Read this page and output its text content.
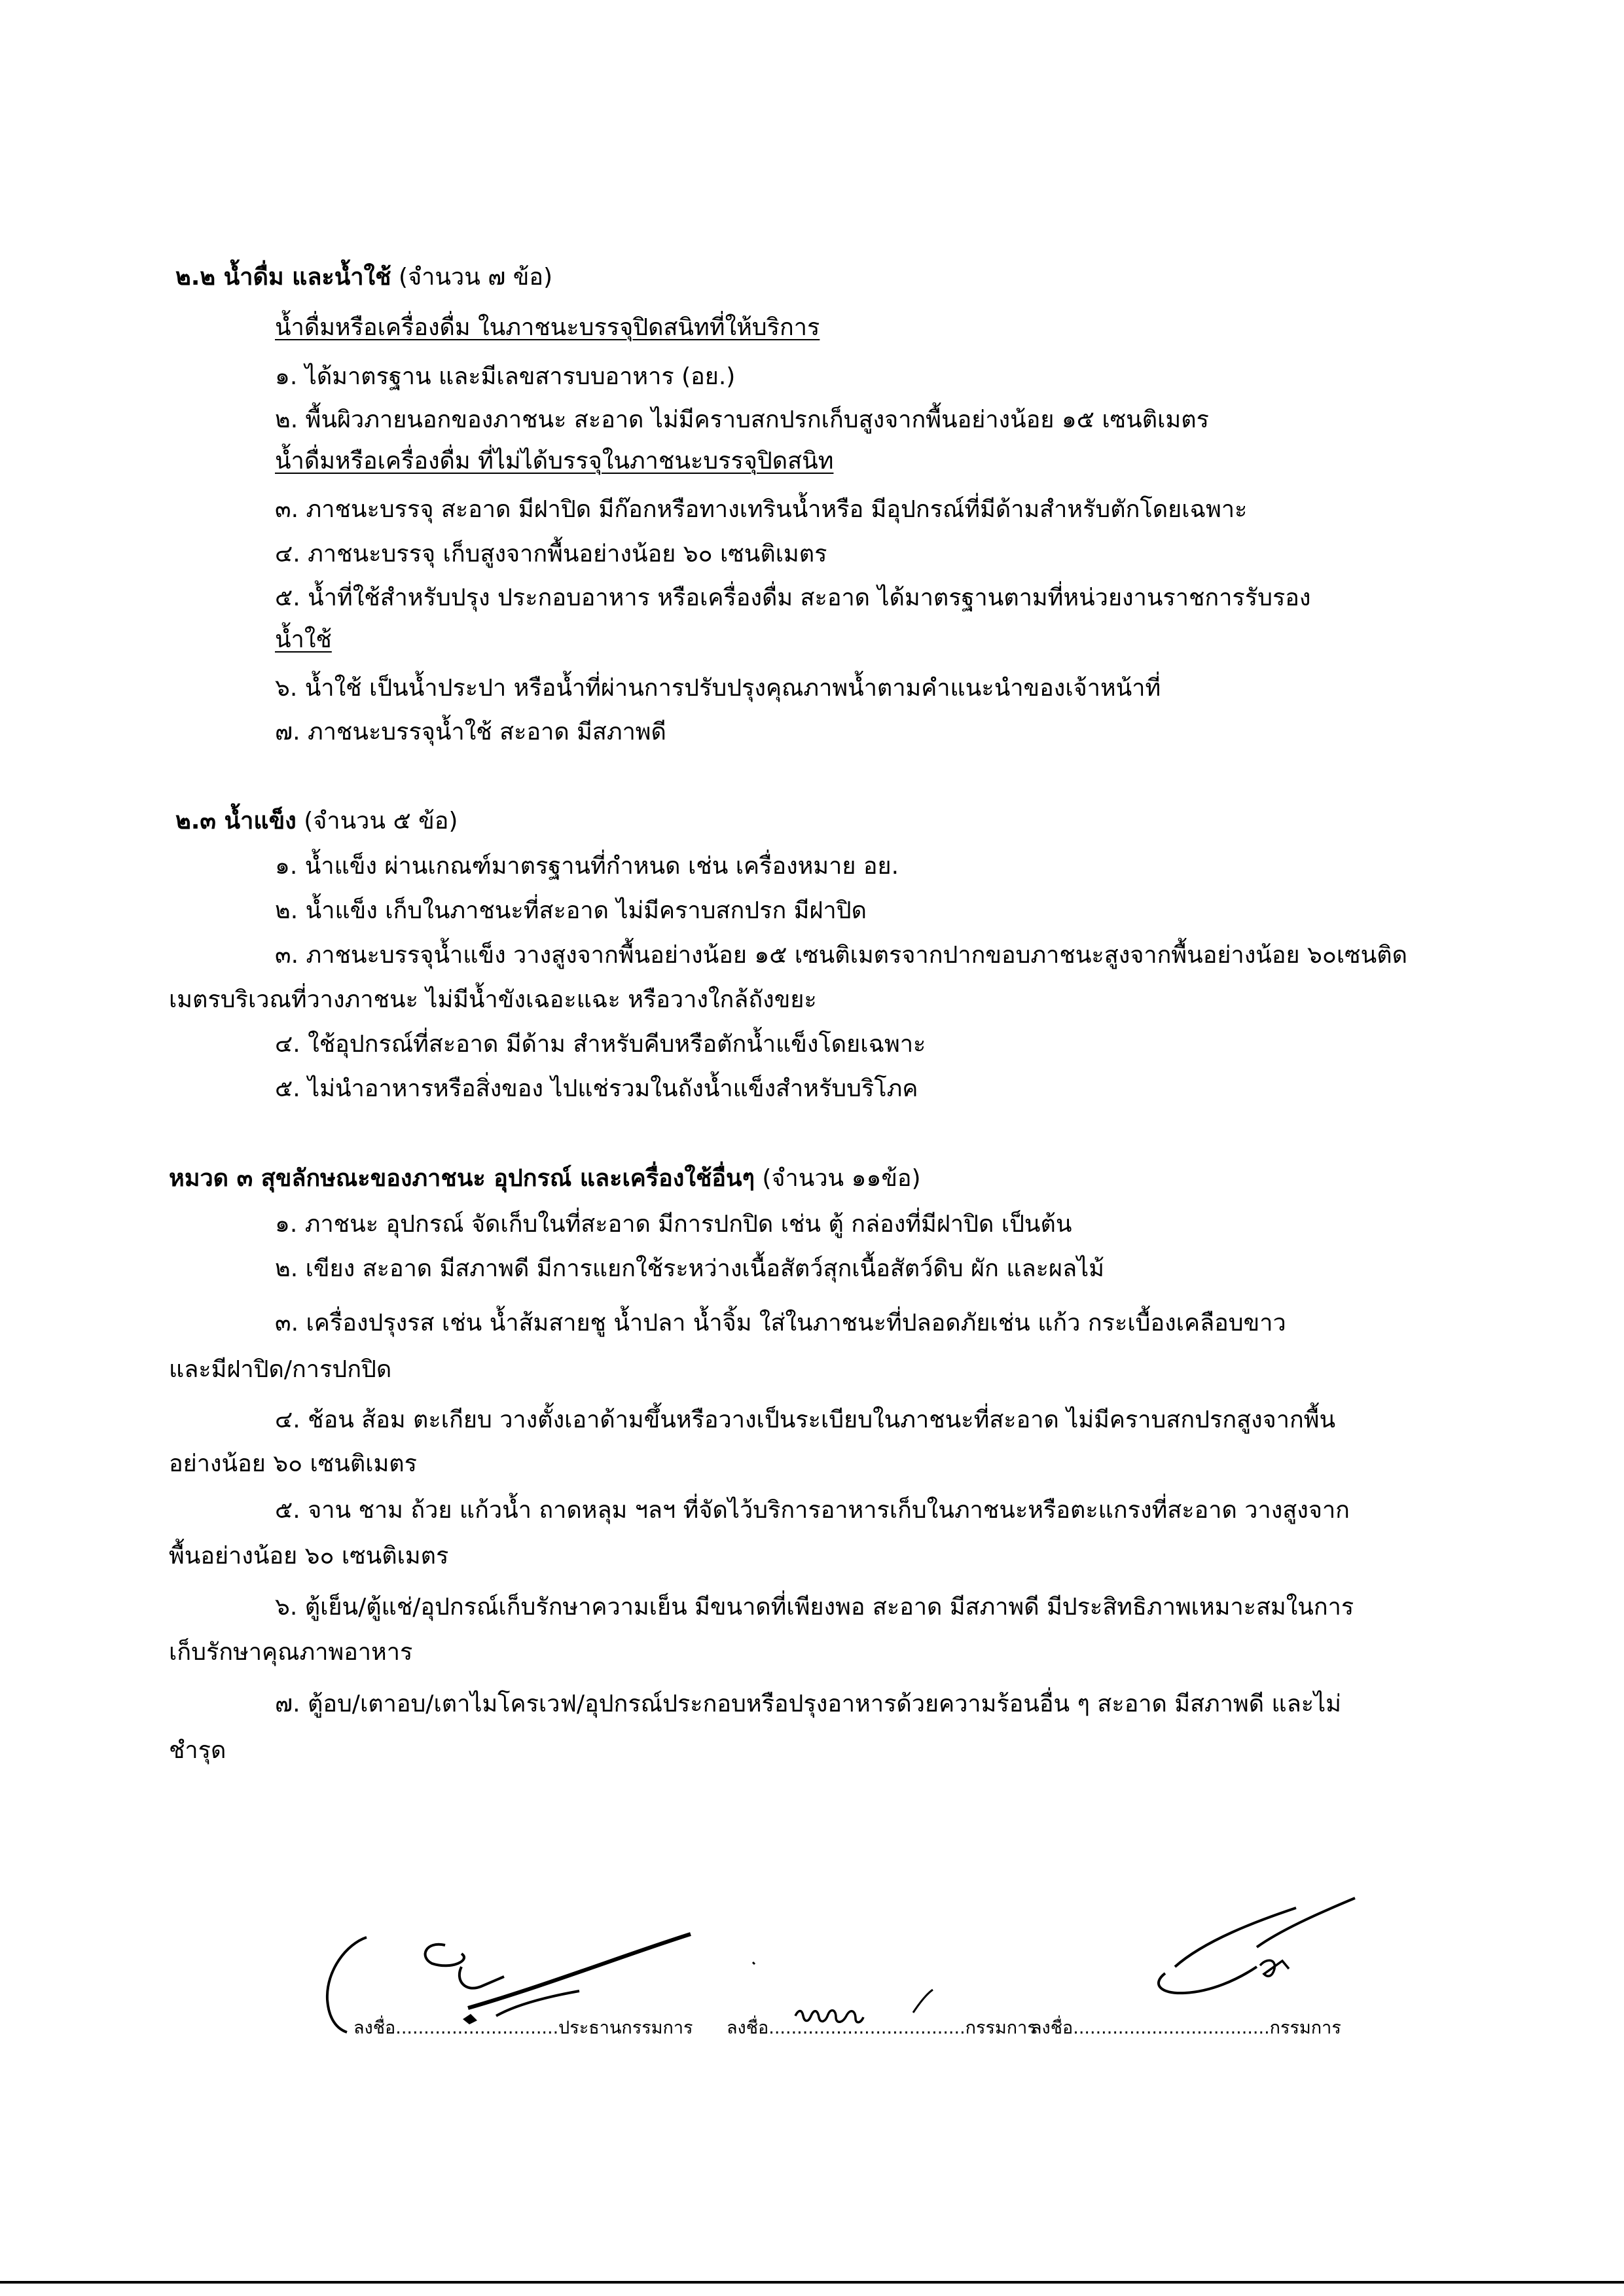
๒.๒ น้ำดื่ม และน้ำใช้ (จำนวน ๗ ข้อ)
น้ำดื่มหรือเครื่องดื่ม ในภาชนะบรรจุปิดสนิทที่ให้บริการ
๑. ได้มาตรฐาน และมีเลขสารบบอาหาร (อย.)
๒. พื้นผิวภายนอกของภาชนะ สะอาด ไม่มีคราบสกปรกเก็บสูงจากพื้นอย่างน้อย ๑๕ เซนติเมตร
น้ำดื่มหรือเครื่องดื่ม ที่ไม่ได้บรรจุในภาชนะบรรจุปิดสนิท
๓. ภาชนะบรรจุ สะอาด มีฝาปิด มีก๊อกหรือทางเทรินน้ำหรือ มีอุปกรณ์ที่มีด้ามสำหรับตักโดยเฉพาะ
๔. ภาชนะบรรจุ เก็บสูงจากพื้นอย่างน้อย ๖๐ เซนติเมตร
๕. น้ำที่ใช้สำหรับปรุง ประกอบอาหาร หรือเครื่องดื่ม สะอาด ได้มาตรฐานตามที่หน่วยงานราชการรับรอง
น้ำใช้
๖. น้ำใช้ เป็นน้ำประปา หรือน้ำที่ผ่านการปรับปรุงคุณภาพน้ำตามคำแนะนำของเจ้าหน้าที่
๗. ภาชนะบรรจุน้ำใช้ สะอาด มีสภาพดี
๒.๓ น้ำแข็ง (จำนวน ๕ ข้อ)
๑. น้ำแข็ง ผ่านเกณฑ์มาตรฐานที่กำหนด เช่น เครื่องหมาย อย.
๒. น้ำแข็ง เก็บในภาชนะที่สะอาด ไม่มีคราบสกปรก มีฝาปิด
๓. ภาชนะบรรจุน้ำแข็ง วางสูงจากพื้นอย่างน้อย ๑๕ เซนติเมตรจากปากขอบภาชนะสูงจากพื้นอย่างน้อย ๖๐เซนติด
เมตรบริเวณที่วางภาชนะ ไม่มีน้ำขังเฉอะแฉะ หรือวางใกล้ถังขยะ
๔. ใช้อุปกรณ์ที่สะอาด มีด้าม สำหรับคีบหรือตักน้ำแข็งโดยเฉพาะ
๕. ไม่นำอาหารหรือสิ่งของ ไปแช่รวมในถังน้ำแข็งสำหรับบริโภค
หมวด ๓ สุขลักษณะของภาชนะ อุปกรณ์ และเครื่องใช้อื่นๆ (จำนวน ๑๑ข้อ)
๑. ภาชนะ อุปกรณ์ จัดเก็บในที่สะอาด มีการปกปิด เช่น ตู้ กล่องที่มีฝาปิด เป็นต้น
๒. เขียง สะอาด มีสภาพดี มีการแยกใช้ระหว่างเนื้อสัตว์สุกเนื้อสัตว์ดิบ ผัก และผลไม้
๓. เครื่องปรุงรส เช่น น้ำส้มสายชู น้ำปลา น้ำจิ้ม ใส่ในภาชนะที่ปลอดภัยเช่น แก้ว กระเบื้องเคลือบขาว
และมีฝาปิด/การปกปิด
๔. ช้อน ส้อม ตะเกียบ วางตั้งเอาด้ามขึ้นหรือวางเป็นระเบียบในภาชนะที่สะอาด ไม่มีคราบสกปรกสูงจากพื้น
อย่างน้อย ๖๐ เซนติเมตร
๕. จาน ชาม ถ้วย แก้วน้ำ ถาดหลุม ฯลฯ ที่จัดไว้บริการอาหารเก็บในภาชนะหรือตะแกรงที่สะอาด วางสูงจาก
พื้นอย่างน้อย ๖๐ เซนติเมตร
๖. ตู้เย็น/ตู้แช่/อุปกรณ์เก็บรักษาความเย็น มีขนาดที่เพียงพอ สะอาด มีสภาพดี มีประสิทธิภาพเหมาะสมในการ
เก็บรักษาคุณภาพอาหาร
๗. ตู้อบ/เตาอบ/เตาไมโครเวฟ/อุปกรณ์ประกอบหรือปรุงอาหารด้วยความร้อนอื่น ๆ สะอาด มีสภาพดี และไม่
ชำรุด
ลงชื่อ.............................ประธานกรรมการ ลงชื่อ...................................กรรมการ
ลงชื่อ...................................กรรมการ
